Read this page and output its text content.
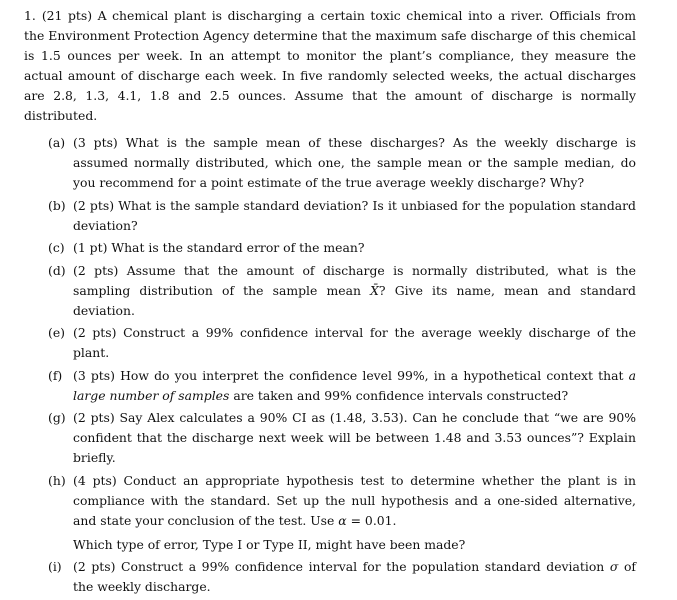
1. (21 pts) A chemical plant is discharging a certain toxic chemical into a river. Officials from the Environment Protection Agency determine that the maximum safe discharge of this chemical is 1.5 ounces per week. In an attempt to monitor the plant’s compliance, they measure the actual amount of discharge each week. In five randomly selected weeks, the actual discharges are 2.8, 1.3, 4.1, 1.8 and 2.5 ounces. Assume that the amount of discharge is normally distributed.

(a) (3 pts) What is the sample mean of these discharges? As the weekly discharge is assumed normally distributed, which one, the sample mean or the sample median, do you recommend for a point estimate of the true average weekly discharge? Why?
(b) (2 pts) What is the sample standard deviation? Is it unbiased for the population standard deviation?
(c) (1 pt) What is the standard error of the mean?
(d) (2 pts) Assume that the amount of discharge is normally distributed, what is the sampling distribution of the sample mean X̄? Give its name, mean and standard deviation.
(e) (2 pts) Construct a 99% confidence interval for the average weekly discharge of the plant.
(f) (3 pts) How do you interpret the confidence level 99%, in a hypothetical context that a large number of samples are taken and 99% confidence intervals constructed?
(g) (2 pts) Say Alex calculates a 90% CI as (1.48, 3.53). Can he conclude that “we are 90% confident that the discharge next week will be between 1.48 and 3.53 ounces”? Explain briefly.
(h) (4 pts) Conduct an appropriate hypothesis test to determine whether the plant is in compliance with the standard. Set up the null hypothesis and a one-sided alternative, and state your conclusion of the test. Use α = 0.01.
Which type of error, Type I or Type II, might have been made?
(i) (2 pts) Construct a 99% confidence interval for the population standard deviation σ of the weekly discharge.
